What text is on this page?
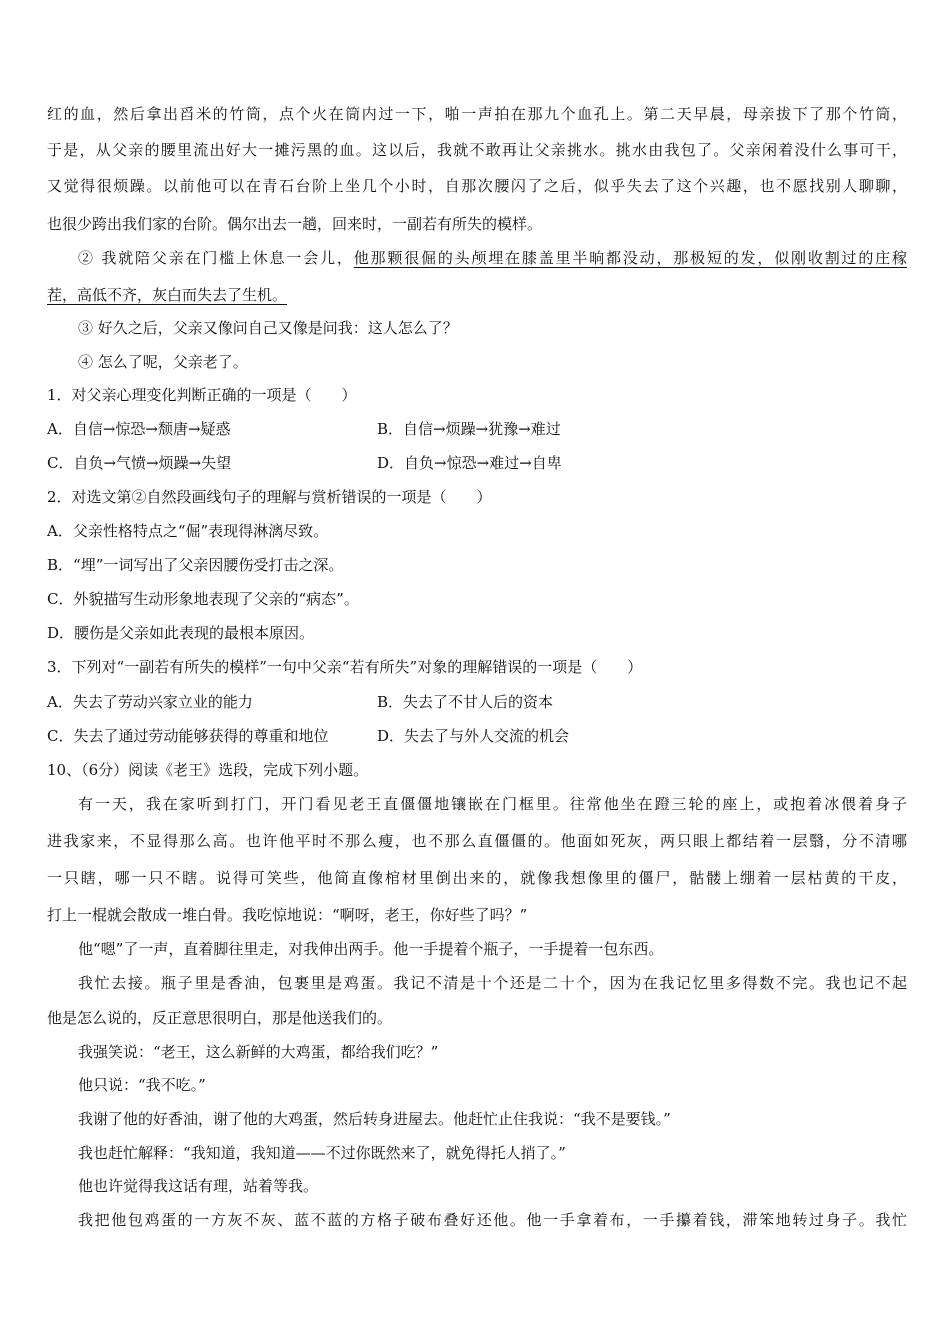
红的血，然后拿出舀米的竹筒，点个火在筒内过一下，啪一声拍在那九个血孔上。第二天早晨，母亲拔下了那个竹筒，
于是，从父亲的腰里流出好大一摊污黑的血。这以后，我就不敢再让父亲挑水。挑水由我包了。父亲闲着没什么事可干，
又觉得很烦躁。以前他可以在青石台阶上坐几个小时，自那次腰闪了之后，似乎失去了这个兴趣，也不愿找别人聊聊，
也很少跨出我们家的台阶。偶尔出去一趟，回来时，一副若有所失的模样。
② 我就陪父亲在门槛上休息一会儿，他那颗很倔的头颅埋在膝盖里半晌都没动，那极短的发，似刚收割过的庄稼
茬，高低不齐，灰白而失去了生机。
③ 好久之后，父亲又像问自己又像是问我：这人怎么了？
④ 怎么了呢，父亲老了。
1．对父亲心理变化判断正确的一项是（　　）
A．自信→惊恐→颓唐→疑惑	B．自信→烦躁→犹豫→难过
C．自负→气愤→烦躁→失望	D．自负→惊恐→难过→自卑
2．对选文第②自然段画线句子的理解与赏析错误的一项是（　　）
A．父亲性格特点之“倔”表现得淋漓尽致。
B．“埋”一词写出了父亲因腰伤受打击之深。
C．外貌描写生动形象地表现了父亲的“病态”。
D．腰伤是父亲如此表现的最根本原因。
3．下列对“一副若有所失的模样”一句中父亲“若有所失”对象的理解错误的一项是（　　）
A．失去了劳动兴家立业的能力	B．失去了不甘人后的资本
C．失去了通过劳动能够获得的尊重和地位	D．失去了与外人交流的机会
10、（6分）阅读《老王》选段，完成下列小题。
有一天，我在家听到打门，开门看见老王直僵僵地镶嵌在门框里。往常他坐在蹬三轮的座上，或抱着冰偎着身子
进我家来，不显得那么高。也许他平时不那么瘦，也不那么直僵僵的。他面如死灰，两只眼上都结着一层翳，分不清哪
一只瞎，哪一只不瞎。说得可笑些，他简直像棺材里倒出来的，就像我想像里的僵尸，骷髅上绷着一层枯黄的干皮，
打上一棍就会散成一堆白骨。我吃惊地说：“啊呀，老王，你好些了吗？”
他“嗯”了一声，直着脚往里走，对我伸出两手。他一手提着个瓶子，一手提着一包东西。
我忙去接。瓶子里是香油，包裹里是鸡蛋。我记不清是十个还是二十个，因为在我记忆里多得数不完。我也记不起
他是怎么说的，反正意思很明白，那是他送我们的。
我强笑说：“老王，这么新鲜的大鸡蛋，都给我们吃？”
他只说：“我不吃。”
我谢了他的好香油，谢了他的大鸡蛋，然后转身进屋去。他赶忙止住我说：“我不是要钱。”
我也赶忙解释：“我知道，我知道——不过你既然来了，就免得托人捎了。”
他也许觉得我这话有理，站着等我。
我把他包鸡蛋的一方灰不灰、蓝不蓝的方格子破布叠好还他。他一手拿着布，一手攥着钱，滞笨地转过身子。我忙
